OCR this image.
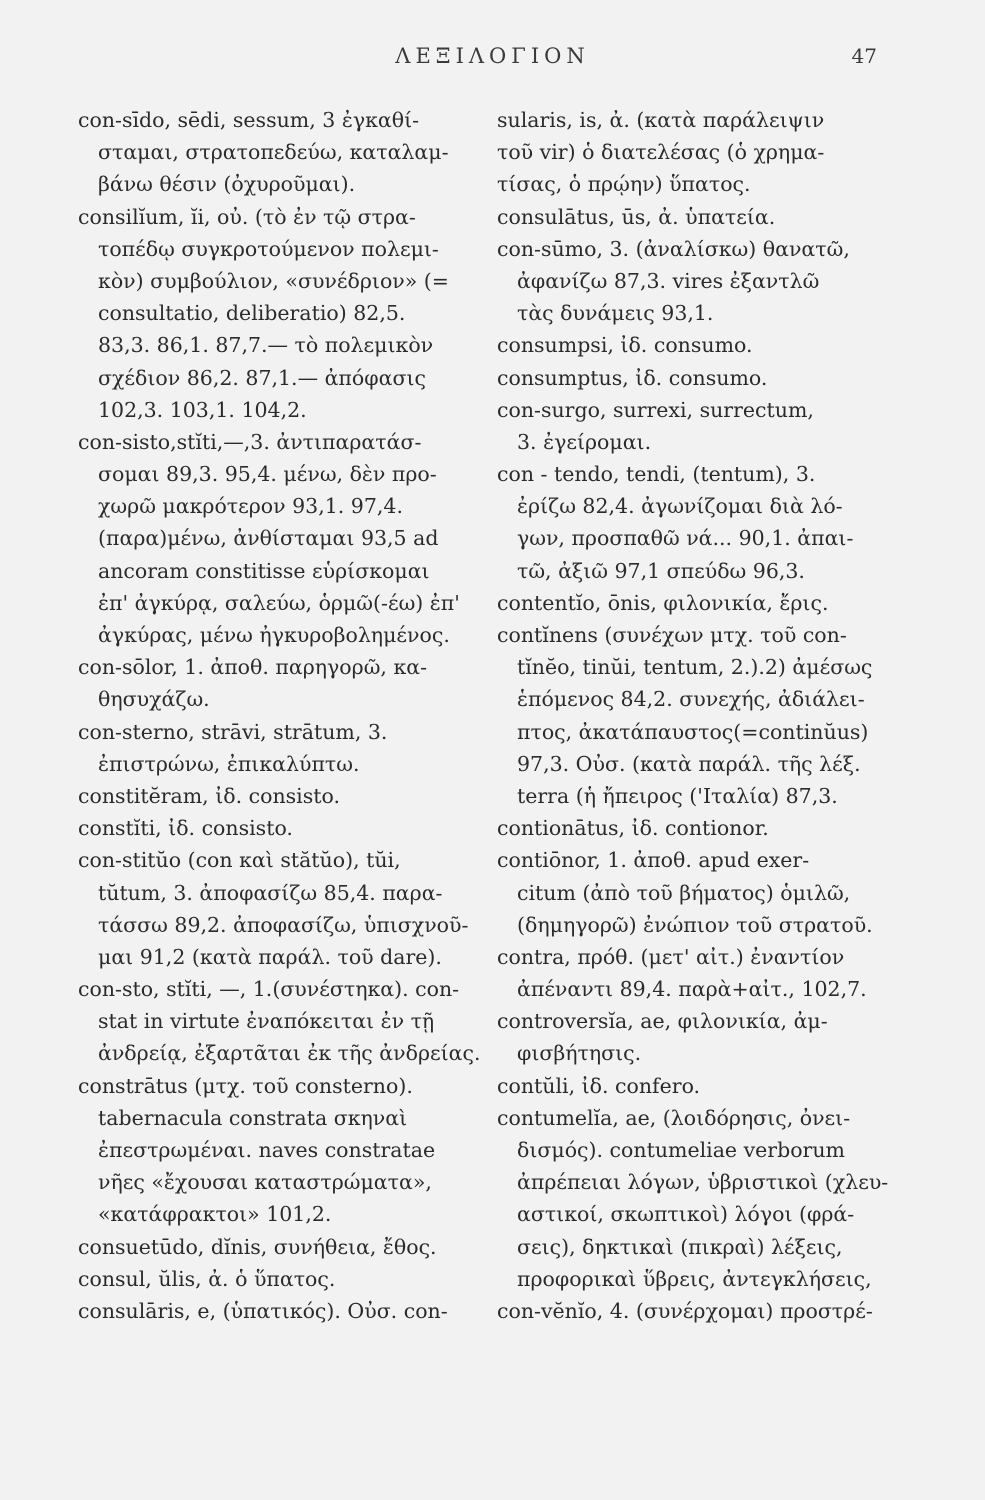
ΛΕΞΙΛΟΓΙΟΝ	47
con-sīdo, sēdi, sessum, 3 ἐγκαθί-
σταμαι, στρατοπεδεύω, καταλαμ-
βάνω θέσιν (ὀχυροῦμαι).
consilĭum, ĭi, οὐ. (τὸ ἐν τῷ στρα-
τοπέδῳ συγκροτούμενον πολεμι-
κὸν) συμβούλιον, «συνέδριον» (=
consultatio, deliberatio) 82,5.
83,3. 86,1. 87,7.— τὸ πολεμικὸν
σχέδιον 86,2. 87,1.— ἀπόφασις
102,3. 103,1. 104,2.
con-sisto,stĭti,—,3. ἀντιπαρατάσ-
σομαι 89,3. 95,4. μένω, δὲν προ-
χωρῶ μακρότερον 93,1. 97,4.
(παρα)μένω, ἀνθίσταμαι 93,5 ad
ancoram constitisse εὑρίσκομαι
ἐπ' ἀγκύρᾳ, σαλεύω, ὁρμῶ(-έω) ἐπ'
ἀγκύρας, μένω ἠγκυροβολημένος.
con-sōlor, 1. ἀποθ. παρηγορῶ, κα-
θησυχάζω.
con-sterno, strāvi, strātum, 3.
ἐπιστρώνω, ἐπικαλύπτω.
constitĕram, ἰδ. consisto.
constĭti, ἰδ. consisto.
con-stitŭo (con καὶ stătŭo), tŭi,
tŭtum, 3. ἀποφασίζω 85,4. παρα-
τάσσω 89,2. ἀποφασίζω, ὑπισχνοῦ-
μαι 91,2 (κατὰ παράλ. τοῦ dare).
con-sto, stĭti, —, 1.(συνέστηκα). con-
stat in virtute ἐναπόκειται ἐν τῇ
ἀνδρείᾳ, ἐξαρτᾶται ἐκ τῆς ἀνδρείας.
constrātus (μτχ. τοῦ consterno).
tabernacula constrata σκηναὶ
ἐπεστρωμέναι. naves constratae
νῆες «ἔχουσαι καταστρώματα»,
«κατάφρακτοι» 101,2.
consuetūdo, dĭnis, συνήθεια, ἔθος.
consul, ŭlis, ἀ. ὁ ὕπατος.
consulāris, e, (ὑπατικός). Οὐσ. con-
sularis, is, ἀ. (κατὰ παράλειψιν
τοῦ vir) ὁ διατελέσας (ὁ χρημα-
τίσας, ὁ πρῴην) ὕπατος.
consulātus, ūs, ἀ. ὑπατεία.
con-sūmo, 3. (ἀναλίσκω) θανατῶ,
ἀφανίζω 87,3. vires ἐξαντλῶ
τὰς δυνάμεις 93,1.
consumpsi, ἰδ. consumo.
consumptus, ἰδ. consumo.
con-surgo, surrexi, surrectum,
3. ἐγείρομαι.
con - tendo, tendi, (tentum), 3.
ἐρίζω 82,4. ἀγωνίζομαι διὰ λό-
γων, προσπαθῶ νά... 90,1. ἀπαι-
τῶ, ἀξιῶ 97,1 σπεύδω 96,3.
contentĭo, ōnis, φιλονικία, ἔρις.
contĭnens (συνέχων μτχ. τοῦ con-
tĭnĕo, tinŭi, tentum, 2.).2) ἀμέσως
ἑπόμενος 84,2. συνεχής, ἀδιάλει-
πτος, ἀκατάπαυστος(=continŭus)
97,3. Οὐσ. (κατὰ παράλ. τῆς λέξ.
terra (ἡ ἤπειρος ('Ιταλία) 87,3.
contionātus, ἰδ. contionor.
contiōnor, 1. ἀποθ. apud exer-
citum (ἀπὸ τοῦ βήματος) ὁμιλῶ,
(δημηγορῶ) ἐνώπιον τοῦ στρατοῦ.
contra, πρόθ. (μετ' αἰτ.) ἐναντίον
ἀπέναντι 89,4. παρὰ+αἰτ., 102,7.
controversĭa, ae, φιλονικία, ἀμ-
φισβήτησις.
contŭli, ἰδ. confero.
contumelĭa, ae, (λοιδόρησις, ὀνει-
δισμός). contumeliae verborum
ἀπρέπειαι λόγων, ὑβριστικοὶ (χλευ-
αστικοί, σκωπτικοὶ) λόγοι (φρά-
σεις), δηκτικαὶ (πικραὶ) λέξεις,
προφορικαὶ ὕβρεις, ἀντεγκλήσεις,
con-vĕnĭo, 4. (συνέρχομαι) προστρέ-
